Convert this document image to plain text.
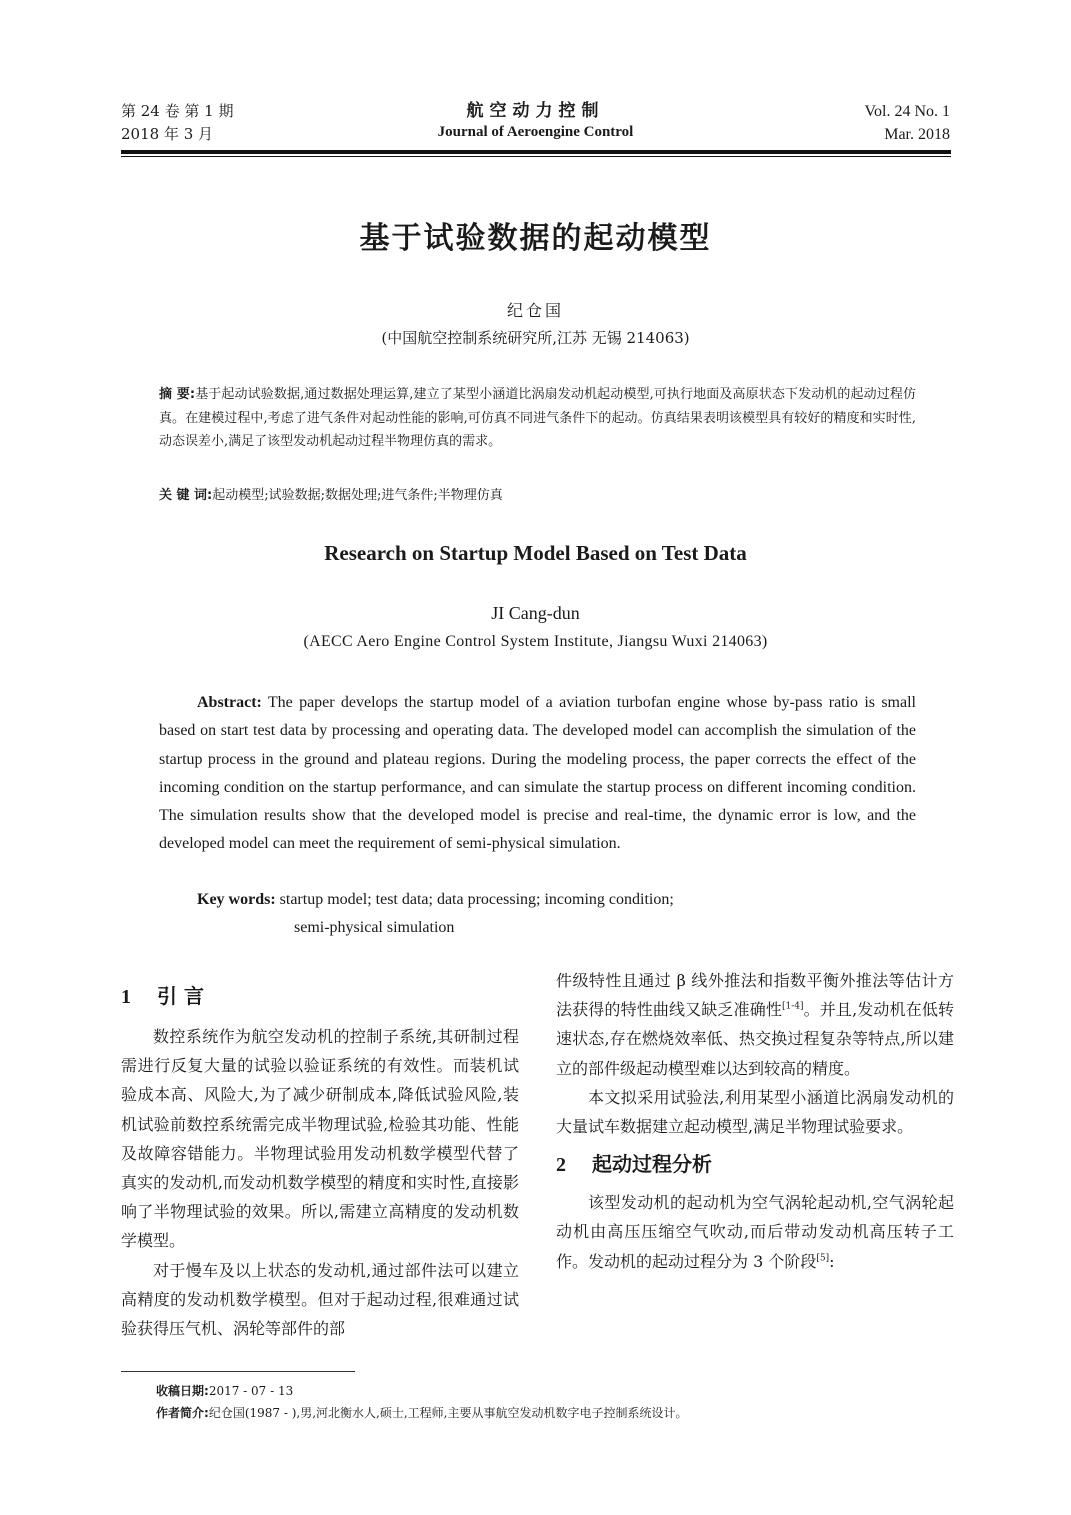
第 24 卷 第 1 期
2018 年 3 月
航空动力控制
Journal of Aeroengine Control
Vol. 24 No. 1
Mar. 2018
基于试验数据的起动模型
纪仓国
(中国航空控制系统研究所,江苏 无锡 214063)
摘 要:基于起动试验数据,通过数据处理运算,建立了某型小涵道比涡扇发动机起动模型,可执行地面及高原状态下发动机的起动过程仿真。在建模过程中,考虑了进气条件对起动性能的影响,可仿真不同进气条件下的起动。仿真结果表明该模型具有较好的精度和实时性,动态误差小,满足了该型发动机起动过程半物理仿真的需求。
关 键 词:起动模型;试验数据;数据处理;进气条件;半物理仿真
Research on Startup Model Based on Test Data
JI Cang-dun
(AECC Aero Engine Control System Institute, Jiangsu Wuxi 214063)
Abstract: The paper develops the startup model of a aviation turbofan engine whose by-pass ratio is small based on start test data by processing and operating data. The developed model can accomplish the simulation of the startup process in the ground and plateau regions. During the modeling process, the paper corrects the effect of the incoming condition on the startup performance, and can simulate the startup process on different incoming condition. The simulation results show that the developed model is precise and real-time, the dynamic error is low, and the developed model can meet the requirement of semi-physical simulation.
Key words: startup model; test data; data processing; incoming condition;
semi-physical simulation
1 引 言

数控系统作为航空发动机的控制子系统,其研制过程需进行反复大量的试验以验证系统的有效性。而装机试验成本高、风险大,为了减少研制成本,降低试验风险,装机试验前数控系统需完成半物理试验,检验其功能、性能及故障容错能力。半物理试验用发动机数学模型代替了真实的发动机,而发动机数学模型的精度和实时性,直接影响了半物理试验的效果。所以,需建立高精度的发动机数学模型。

对于慢车及以上状态的发动机,通过部件法可以建立高精度的发动机数学模型。但对于起动过程,很难通过试验获得压气机、涡轮等部件的部

件级特性且通过 β 线外推法和指数平衡外推法等估计方法获得的特性曲线又缺乏准确性[1-4]。并且,发动机在低转速状态,存在燃烧效率低、热交换过程复杂等特点,所以建立的部件级起动模型难以达到较高的精度。

本文拟采用试验法,利用某型小涵道比涡扇发动机的大量试车数据建立起动模型,满足半物理试验要求。

2 起动过程分析

该型发动机的起动机为空气涡轮起动机,空气涡轮起动机由高压压缩空气吹动,而后带动发动机高压转子工作。发动机的起动过程分为 3 个阶段[5]:

收稿日期:2017 - 07 - 13
作者简介:纪仓国(1987 - ),男,河北衡水人,硕士,工程师,主要从事航空发动机数字电子控制系统设计。
